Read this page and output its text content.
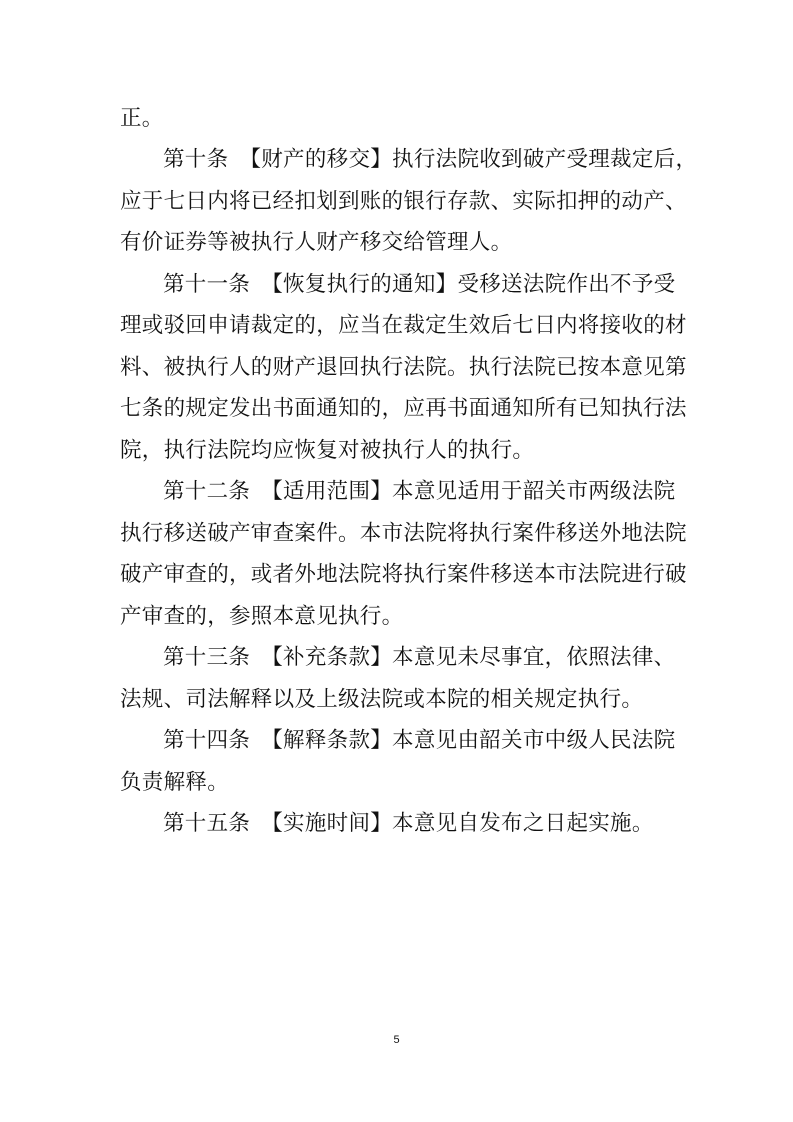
正。
第十条　【财产的移交】执行法院收到破产受理裁定后，
应于七日内将已经扣划到账的银行存款、实际扣押的动产、
有价证券等被执行人财产移交给管理人。
第十一条　【恢复执行的通知】受移送法院作出不予受
理或驳回申请裁定的，应当在裁定生效后七日内将接收的材
料、被执行人的财产退回执行法院。执行法院已按本意见第
七条的规定发出书面通知的，应再书面通知所有已知执行法
院，执行法院均应恢复对被执行人的执行。
第十二条　【适用范围】本意见适用于韶关市两级法院
执行移送破产审查案件。本市法院将执行案件移送外地法院
破产审查的，或者外地法院将执行案件移送本市法院进行破
产审查的，参照本意见执行。
第十三条　【补充条款】本意见未尽事宜，依照法律、
法规、司法解释以及上级法院或本院的相关规定执行。
第十四条　【解释条款】本意见由韶关市中级人民法院
负责解释。
第十五条　【实施时间】本意见自发布之日起实施。
5
